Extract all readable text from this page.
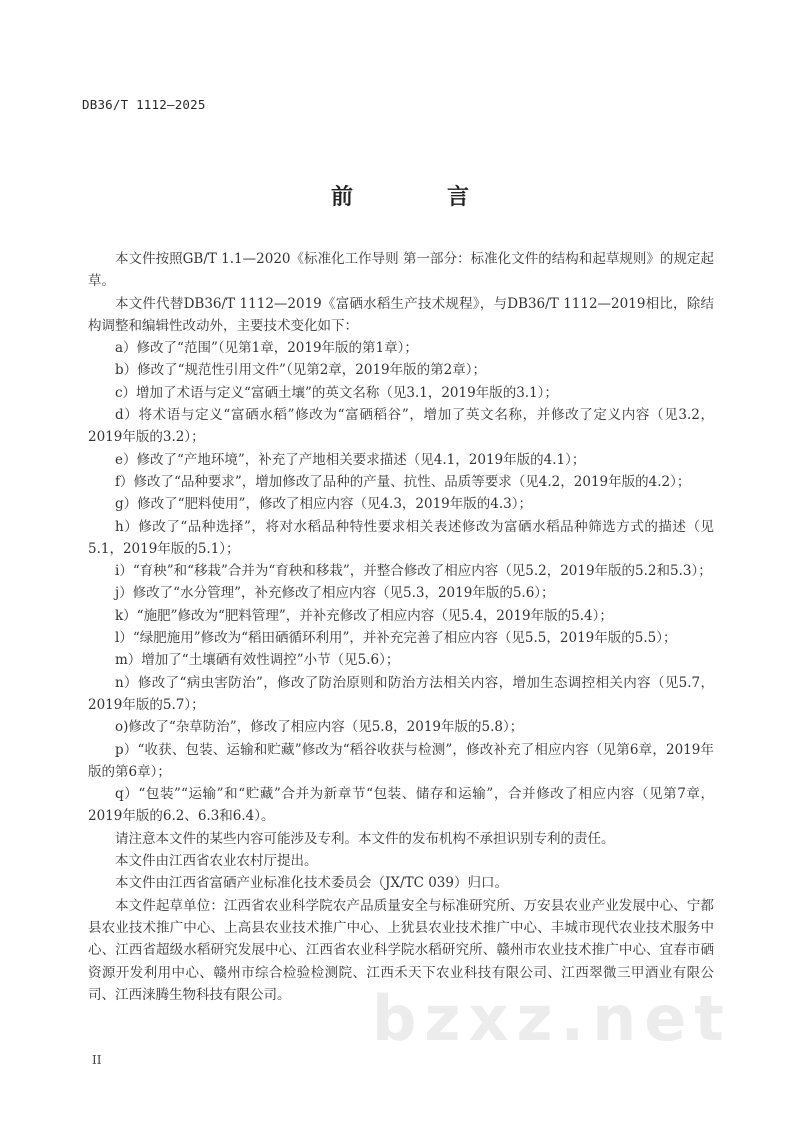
DB36/T 1112—2025
前　言

本文件按照GB/T 1.1—2020《标准化工作导则 第一部分：标准化文件的结构和起草规则》的规定起草。

本文件代替DB36/T 1112—2019《富硒水稻生产技术规程》，与DB36/T 1112—2019相比，除结构调整和编辑性改动外，主要技术变化如下：

a）修改了“范围”（见第1章，2019年版的第1章）；

b）修改了“规范性引用文件”（见第2章，2019年版的第2章）；

c）增加了术语与定义“富硒土壤”的英文名称（见3.1，2019年版的3.1）；

d）将术语与定义“富硒水稻”修改为“富硒稻谷”，增加了英文名称，并修改了定义内容（见3.2，2019年版的3.2）；

e）修改了“产地环境”，补充了产地相关要求描述（见4.1，2019年版的4.1）；

f）修改了“品种要求”，增加修改了品种的产量、抗性、品质等要求（见4.2，2019年版的4.2）；

g）修改了“肥料使用”，修改了相应内容（见4.3，2019年版的4.3）；

h）修改了“品种选择”，将对水稻品种特性要求相关表述修改为富硒水稻品种筛选方式的描述（见5.1，2019年版的5.1）；

i）“育秧”和“移栽”合并为“育秧和移栽”，并整合修改了相应内容（见5.2，2019年版的5.2和5.3）；

j）修改了“水分管理”，补充修改了相应内容（见5.3，2019年版的5.6）；

k）“施肥”修改为“肥料管理”，并补充修改了相应内容（见5.4，2019年版的5.4）；

l）“绿肥施用”修改为“稻田硒循环利用”，并补充完善了相应内容（见5.5，2019年版的5.5）；

m）增加了“土壤硒有效性调控”小节（见5.6）；

n）修改了“病虫害防治”，修改了防治原则和防治方法相关内容，增加生态调控相关内容（见5.7，2019年版的5.7）；

o)修改了“杂草防治”，修改了相应内容（见5.8，2019年版的5.8）；

p）“收获、包装、运输和贮藏”修改为“稻谷收获与检测”，修改补充了相应内容（见第6章，2019年版的第6章）；

q）“包装”“运输”和“贮藏”合并为新章节“包装、储存和运输”，合并修改了相应内容（见第7章，2019年版的6.2、6.3和6.4）。

请注意本文件的某些内容可能涉及专利。本文件的发布机构不承担识别专利的责任。

本文件由江西省农业农村厅提出。

本文件由江西省富硒产业标准化技术委员会（JX/TC 039）归口。

本文件起草单位：江西省农业科学院农产品质量安全与标准研究所、万安县农业产业发展中心、宁都县农业技术推广中心、上高县农业技术推广中心、上犹县农业技术推广中心、丰城市现代农业技术服务中心、江西省超级水稻研究发展中心、江西省农业科学院水稻研究所、赣州市农业技术推广中心、宜春市硒资源开发利用中心、赣州市综合检验检测院、江西禾天下农业科技有限公司、江西翠微三甲酒业有限公司、江西涞腾生物科技有限公司。	bzxz.net
II
